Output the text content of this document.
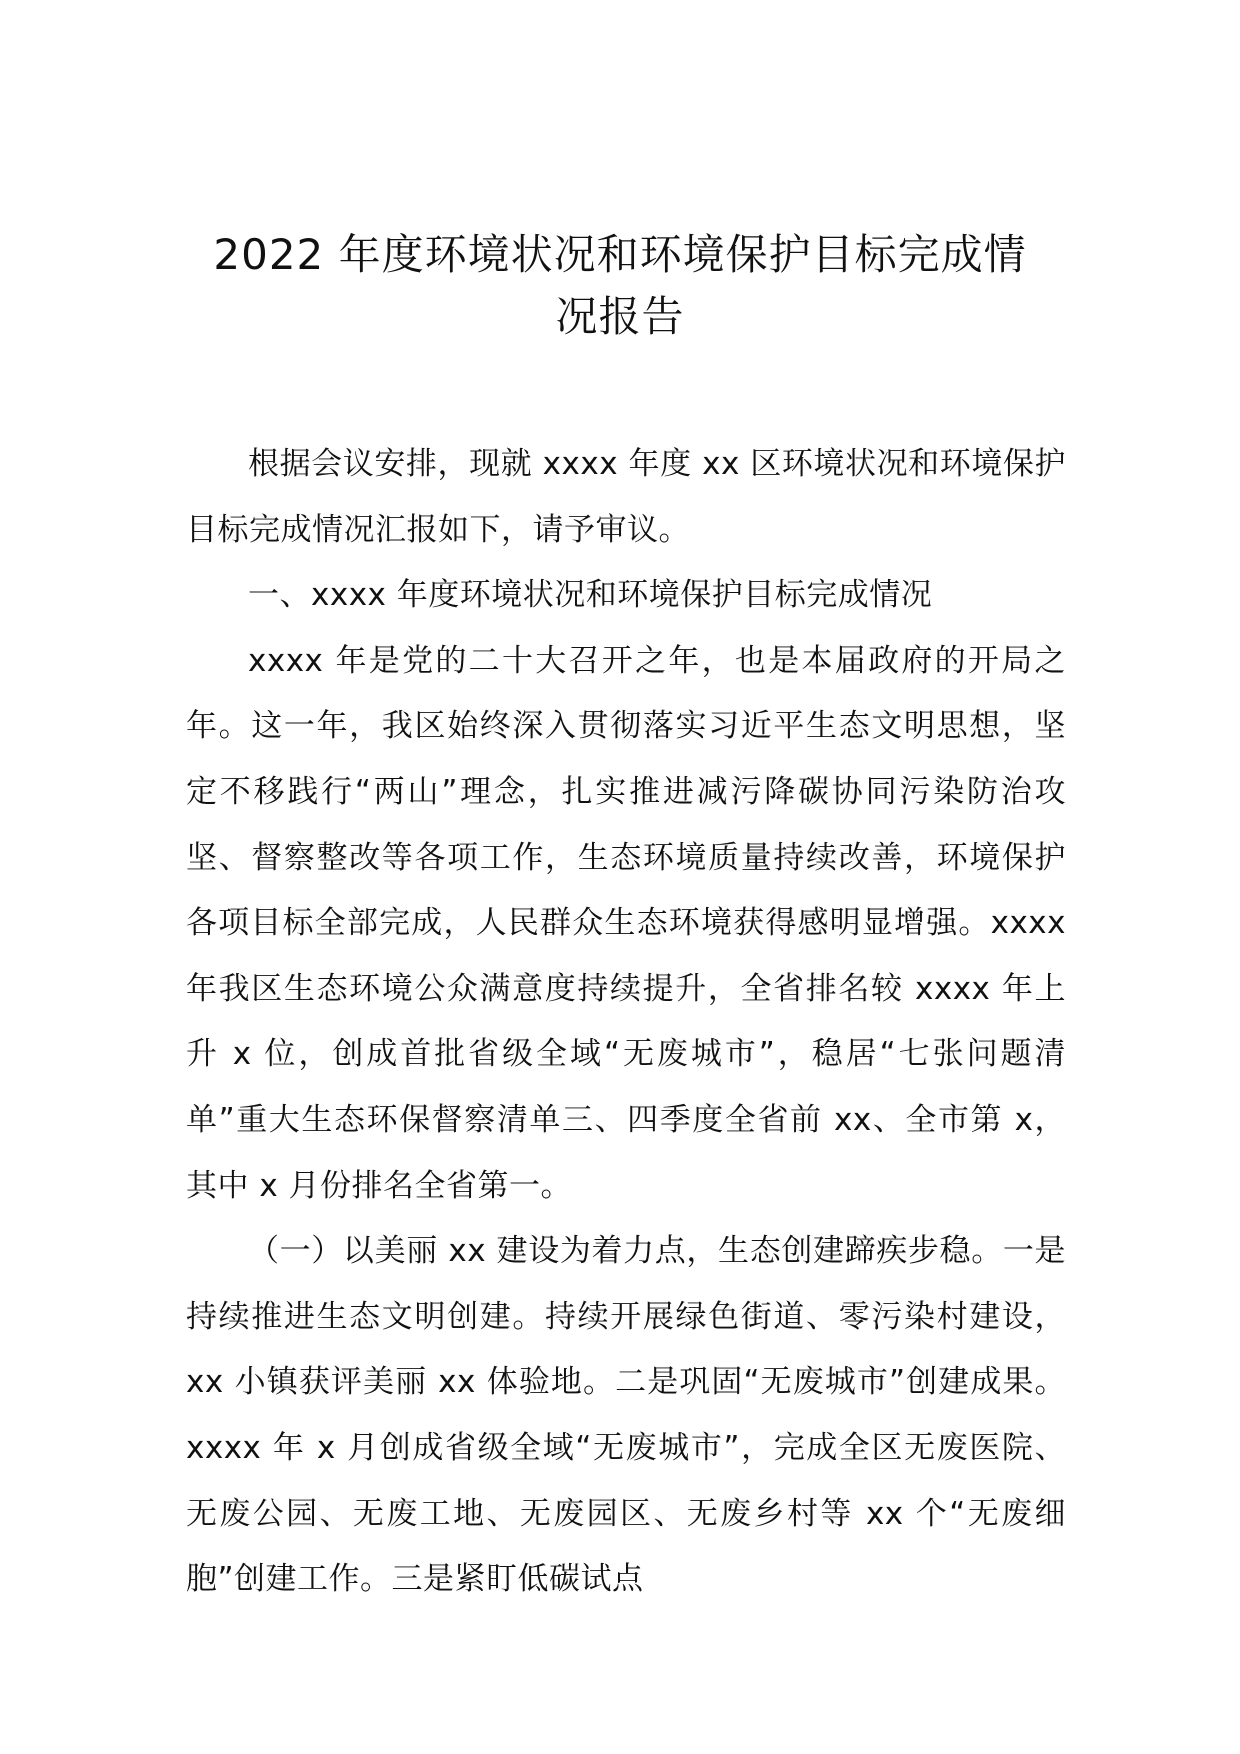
2022 年度环境状况和环境保护目标完成情
况报告

根据会议安排，现就 xxxx 年度 xx 区环境状况和环境保护目标完成情况汇报如下，请予审议。

一、xxxx 年度环境状况和环境保护目标完成情况

xxxx 年是党的二十大召开之年，也是本届政府的开局之年。这一年，我区始终深入贯彻落实习近平生态文明思想，坚定不移践行“两山”理念，扎实推进减污降碳协同污染防治攻坚、督察整改等各项工作，生态环境质量持续改善，环境保护各项目标全部完成，人民群众生态环境获得感明显增强。xxxx 年我区生态环境公众满意度持续提升，全省排名较 xxxx 年上升 x 位，创成首批省级全域“无废城市”，稳居“七张问题清单”重大生态环保督察清单三、四季度全省前 xx、全市第 x，其中 x 月份排名全省第一。

（一）以美丽 xx 建设为着力点，生态创建蹄疾步稳。一是持续推进生态文明创建。持续开展绿色街道、零污染村建设，xx 小镇获评美丽 xx 体验地。二是巩固“无废城市”创建成果。xxxx 年 x 月创成省级全域“无废城市”，完成全区无废医院、无废公园、无废工地、无废园区、无废乡村等 xx 个“无废细胞”创建工作。三是紧盯低碳试点
